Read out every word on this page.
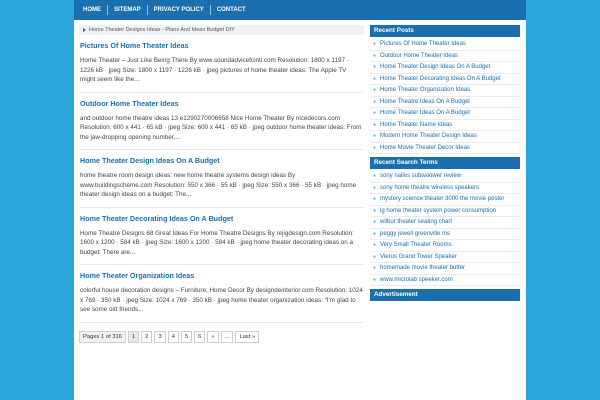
HOME	SITEMAP	PRIVACY POLICY	CONTACT
Home Theater Designs Ideas - Plans And Ideas Budget DIY
Pictures Of Home Theater Ideas

Home Theater – Just Like Being There By www.soundadvicefcinti.com Resolution: 1800 x 1197 · 1226 kB · jpeg Size: 1800 x 1197 · 1226 kB · jpeg pictures of home theater ideas: The Apple TV might seem like the...

Outdoor Home Theater Ideas

and outdoor home theatre ideas 13 e1290270006658 Nice Home Theater By nicedecors.com Resolution: 600 x 441 · 65 kB · jpeg Size: 600 x 441 · 65 kB · jpeg outdoor home theater ideas: From the jaw-dropping opening number,...

Home Theater Design Ideas On A Budget

home theatre room design ideas: new home theatre systems design ideas By www.buildingscheme.com Resolution: 550 x 366 · 55 kB · jpeg Size: 550 x 366 · 55 kB · jpeg home theater design ideas on a budget: The...

Home Theater Decorating Ideas On A Budget

Home Theatre Designs 68 Great Ideas For Home Theatre Designs By rejigdesign.com Resolution: 1600 x 1200 · 584 kB · jpeg Size: 1600 x 1200 · 584 kB · jpeg home theater decorating ideas on a budget: There are...

Home Theater Organization Ideas

colorful house decoration designs – Furniture, Home Decor By designdeinterior.com Resolution: 1024 x 769 · 350 kB · jpeg Size: 1024 x 769 · 350 kB · jpeg home theater organization ideas: “I'm glad to see some old friends...

Pages 1 of 316	1	2	3	4	5	6	»	...	Last »
Recent Posts
● Pictures Of Home Theater Ideas
● Outdoor Home Theater Ideas
● Home Theater Design Ideas On A Budget
● Home Theater Decorating Ideas On A Budget
● Home Theater Organization Ideas
● Home Theatre Ideas On A Budget
● Home Theater Ideas On A Budget
● Home Theater Name Ideas
● Modern Home Theater Design Ideas
● Home Movie Theater Decor Ideas
Recent Search Terms
● sony nalles subwoower review
● sony home theatre wireless speakers
● mystery science theater 3000 the movie poster
● lg home theater system power consumption
● wilbur theater seating chart
● peggy jewell greenville ms
● Very Small Theater Rooms
● Vierus Grand Tower Speaker
● homemade movie theater butter
● www.microlab speeker.com
Advertisement
